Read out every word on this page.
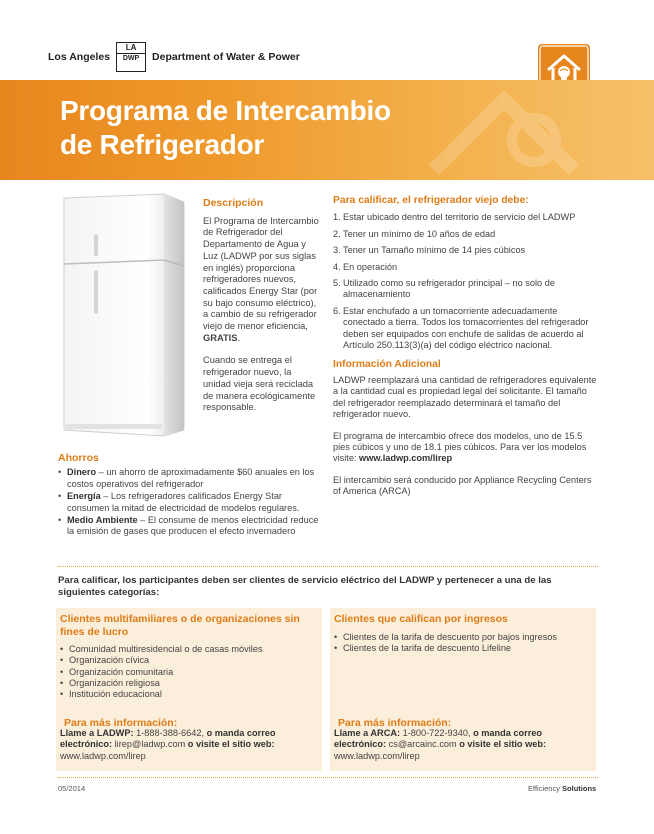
Los Angeles
LA
DWP	Department of Water & Power
Programa de Intercambio
de Refrigerador
Descripción

El Programa de Intercambio de Refrigerador del Departamento de Agua y Luz (LADWP por sus siglas en inglés) proporciona refrigeradores nuevos, calificados Energy Star (por su bajo consumo eléctrico), a cambio de su refrigerador viejo de menor eficiencia, GRATIS.

Cuando se entrega el refrigerador nuevo, la unidad vieja será reciclada de manera ecológicamente responsable.

Para calificar, el refrigerador viejo debe:
1. Estar ubicado dentro del territorio de servicio del LADWP
2. Tener un mínimo de 10 años de edad
3. Tener un Tamaño mínimo de 14 pies cúbicos
4. En operación
5. Utilizado como su refrigerador principal – no solo de almacenamiento
6. Estar enchufado a un tomacorriente adecuadamente conectado a tierra. Todos los tomacorrientes del refrigerador deben ser equipados con enchufe de salidas de acuerdo al Artículo 250.113(3)(a) del código eléctrico nacional.
Información Adicional

LADWP reemplazará una cantidad de refrigeradores equivalente a la cantidad cual es propiedad legal del solicitante. El tamaño del refrigerador reemplazado determinará el tamaño del refrigerador nuevo.

El programa de intercambio ofrece dos modelos, uno de 15.5 pies cúbicos y uno de 18.1 pies cúbicos. Para ver los modelos visite: www.ladwp.com/lirep

El intercambio será conducido por Appliance Recycling Centers of America (ARCA)

Ahorros
• Dinero – un ahorro de aproximadamente $60 anuales en los costos operativos del refrigerador
• Energía – Los refrigeradores calificados Energy Star consumen la mitad de electricidad de modelos regulares.
• Medio Ambiente – El consume de menos electricidad reduce la emisión de gases que producen el efecto invernadero

Para calificar, los participantes deben ser clientes de servicio eléctrico del LADWP y pertenecer a una de las siguientes categorías:

Clientes multifamiliares o de organizaciones sin fines de lucro
• Comunidad multiresidencial o de casas móviles
• Organización cívica
• Organización comunitaria
• Organización religiosa
• Institución educacional
Para más información:

Llame a LADWP: 1-888-388-6642, o manda correo electrónico: lirep@ladwp.com o visite el sitio web:
www.ladwp.com/lirep

Clientes que califican por ingresos
• Clientes de la tarifa de descuento por bajos ingresos
• Clientes de la tarifa de descuento Lifeline
Para más información:

Llame a ARCA: 1-800-722-9340, o manda correo electrónico: cs@arcainc.com o visite el sitio web:
www.ladwp.com/lirep

05/2014	Efficiency Solutions
